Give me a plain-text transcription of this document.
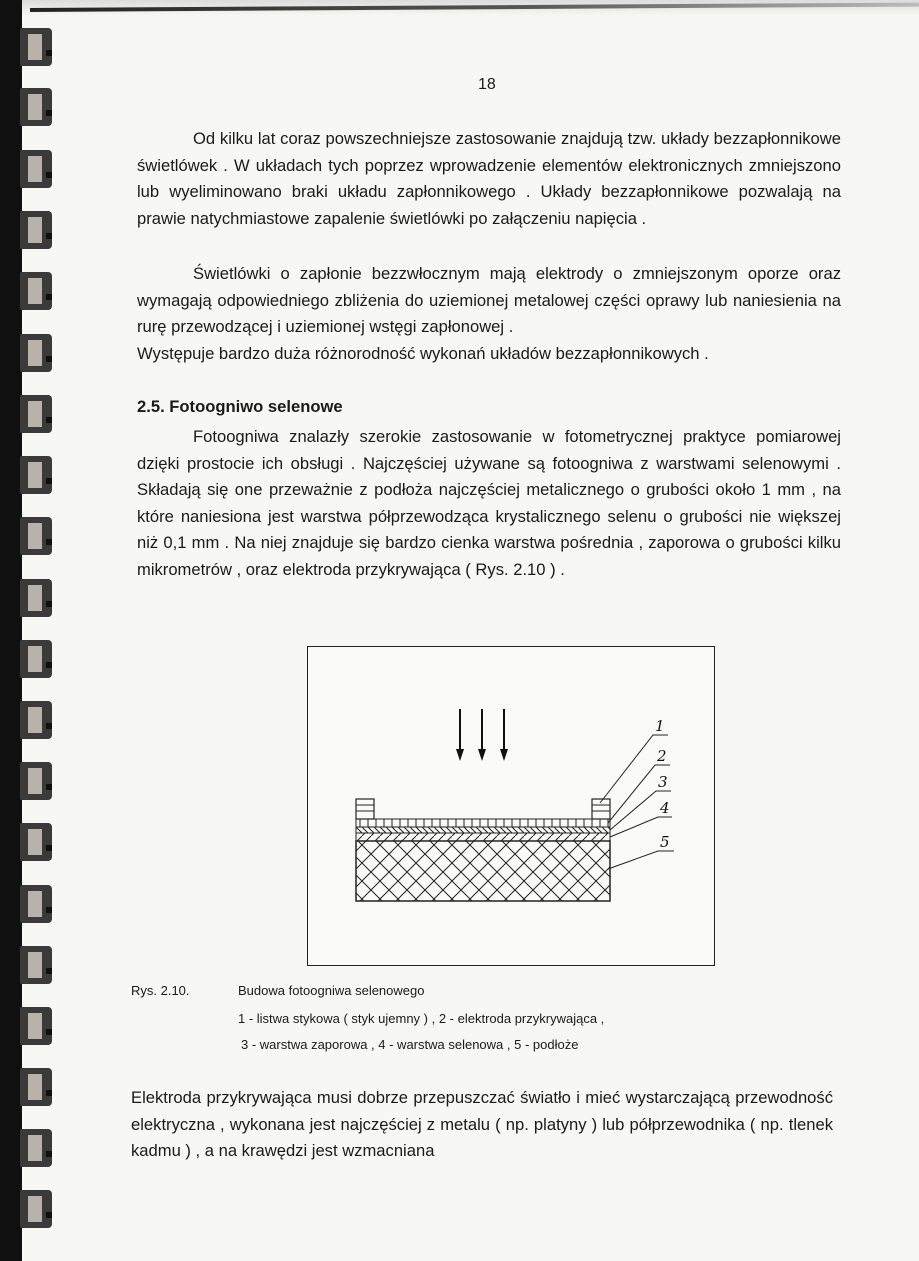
18

Od kilku lat coraz powszechniejsze zastosowanie znajdują tzw. układy bezzapłonnikowe świetlówek . W układach tych poprzez wprowadzenie elementów elektronicznych zmniejszono lub wyeliminowano braki układu zapłonnikowego . Układy bezzapłonnikowe pozwalają na prawie natychmiastowe zapalenie świetlówki po załączeniu napięcia .

Świetlówki o zapłonie bezzwłocznym mają elektrody o zmniejszonym oporze oraz wymagają odpowiedniego zbliżenia do uziemionej metalowej części oprawy lub naniesienia na rurę przewodzącej i uziemionej wstęgi zapłonowej .

Występuje bardzo duża różnorodność wykonań układów bezzapłonnikowych .

2.5. Fotoogniwo selenowe

Fotoogniwa znalazły szerokie zastosowanie w fotometrycznej praktyce pomiarowej dzięki prostocie ich obsługi . Najczęściej używane są fotoogniwa z warstwami selenowymi . Składają się one przeważnie z podłoża najczęściej metalicznego o grubości około 1 mm , na które naniesiona jest warstwa półprzewodząca krystalicznego selenu o grubości nie większej niż 0,1 mm . Na niej znajduje się bardzo cienka warstwa pośrednia , zaporowa o grubości kilku mikrometrów , oraz elektroda przykrywająca ( Rys. 2.10 ) .

1
2
3
4
5
Rys. 2.10.	Budowa fotoogniwa selenowego
1 - listwa stykowa ( styk ujemny ) , 2 - elektroda przykrywająca ,
3 - warstwa zaporowa , 4 - warstwa selenowa , 5 - podłoże

Elektroda przykrywająca musi dobrze przepuszczać światło i mieć wystarczającą przewodność elektryczna , wykonana jest najczęściej z metalu ( np. platyny ) lub półprzewodnika ( np. tlenek kadmu ) , a na krawędzi jest wzmacniana
